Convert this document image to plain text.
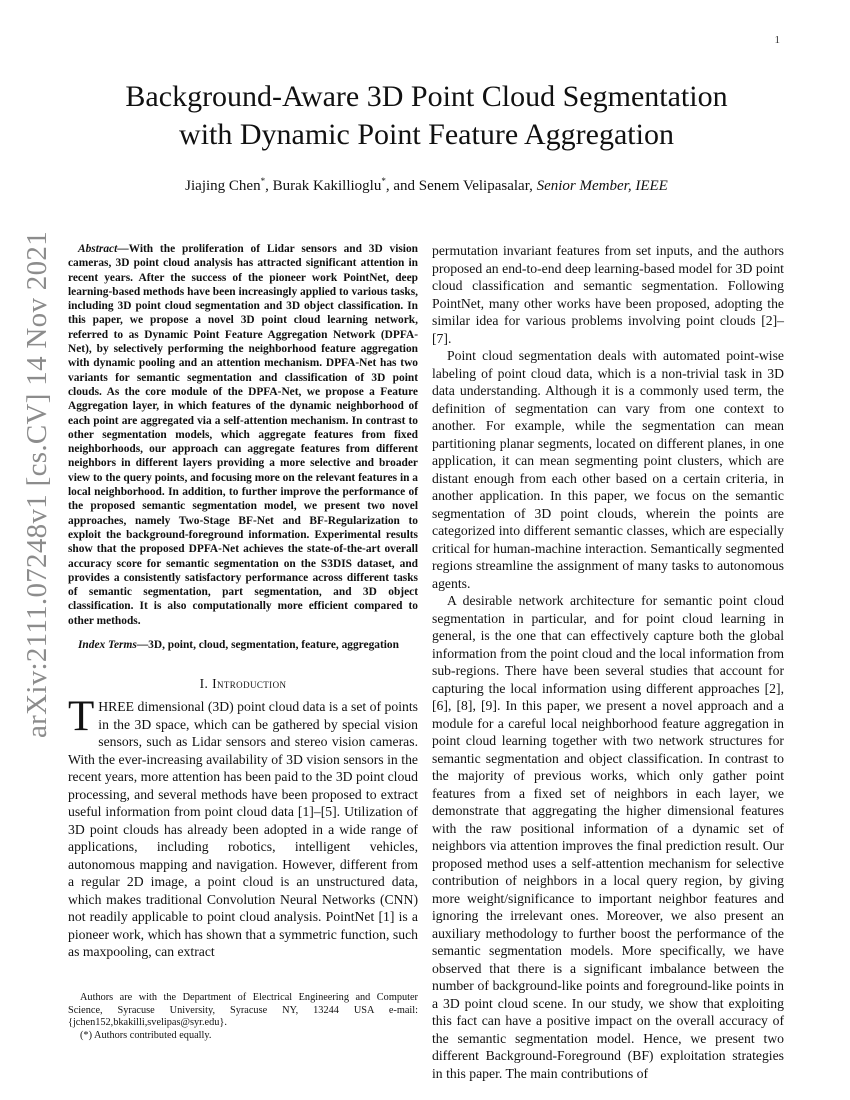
1
arXiv:2111.07248v1 [cs.CV] 14 Nov 2021
Background-Aware 3D Point Cloud Segmentation
with Dynamic Point Feature Aggregation
Jiajing Chen*, Burak Kakillioglu*, and Senem Velipasalar, Senior Member, IEEE

Abstract—With the proliferation of Lidar sensors and 3D vision cameras, 3D point cloud analysis has attracted significant attention in recent years. After the success of the pioneer work PointNet, deep learning-based methods have been increasingly applied to various tasks, including 3D point cloud segmentation and 3D object classification. In this paper, we propose a novel 3D point cloud learning network, referred to as Dynamic Point Feature Aggregation Network (DPFA-Net), by selectively performing the neighborhood feature aggregation with dynamic pooling and an attention mechanism. DPFA-Net has two variants for semantic segmentation and classification of 3D point clouds. As the core module of the DPFA-Net, we propose a Feature Aggregation layer, in which features of the dynamic neighborhood of each point are aggregated via a self-attention mechanism. In contrast to other segmentation models, which aggregate features from fixed neighborhoods, our approach can aggregate features from different neighbors in different layers providing a more selective and broader view to the query points, and focusing more on the relevant features in a local neighborhood. In addition, to further improve the performance of the proposed semantic segmentation model, we present two novel approaches, namely Two-Stage BF-Net and BF-Regularization to exploit the background-foreground information. Experimental results show that the proposed DPFA-Net achieves the state-of-the-art overall accuracy score for semantic segmentation on the S3DIS dataset, and provides a consistently satisfactory performance across different tasks of semantic segmentation, part segmentation, and 3D object classification. It is also computationally more efficient compared to other methods.

Index Terms—3D, point, cloud, segmentation, feature, aggregation

I. Introduction

THREE dimensional (3D) point cloud data is a set of points in the 3D space, which can be gathered by special vision sensors, such as Lidar sensors and stereo vision cameras. With the ever-increasing availability of 3D vision sensors in the recent years, more attention has been paid to the 3D point cloud processing, and several methods have been proposed to extract useful information from point cloud data [1]–[5]. Utilization of 3D point clouds has already been adopted in a wide range of applications, including robotics, intelligent vehicles, autonomous mapping and navigation. However, different from a regular 2D image, a point cloud is an unstructured data, which makes traditional Convolution Neural Networks (CNN) not readily applicable to point cloud analysis. PointNet [1] is a pioneer work, which has shown that a symmetric function, such as maxpooling, can extract

Authors are with the Department of Electrical Engineering and Computer Science, Syracuse University, Syracuse NY, 13244 USA e-mail: {jchen152,bkakilli,svelipas@syr.edu}.

(*) Authors contributed equally.

permutation invariant features from set inputs, and the authors proposed an end-to-end deep learning-based model for 3D point cloud classification and semantic segmentation. Following PointNet, many other works have been proposed, adopting the similar idea for various problems involving point clouds [2]–[7].

Point cloud segmentation deals with automated point-wise labeling of point cloud data, which is a non-trivial task in 3D data understanding. Although it is a commonly used term, the definition of segmentation can vary from one context to another. For example, while the segmentation can mean partitioning planar segments, located on different planes, in one application, it can mean segmenting point clusters, which are distant enough from each other based on a certain criteria, in another application. In this paper, we focus on the semantic segmentation of 3D point clouds, wherein the points are categorized into different semantic classes, which are especially critical for human-machine interaction. Semantically segmented regions streamline the assignment of many tasks to autonomous agents.

A desirable network architecture for semantic point cloud segmentation in particular, and for point cloud learning in general, is the one that can effectively capture both the global information from the point cloud and the local information from sub-regions. There have been several studies that account for capturing the local information using different approaches [2], [6], [8], [9]. In this paper, we present a novel approach and a module for a careful local neighborhood feature aggregation in point cloud learning together with two network structures for semantic segmentation and object classification. In contrast to the majority of previous works, which only gather point features from a fixed set of neighbors in each layer, we demonstrate that aggregating the higher dimensional features with the raw positional information of a dynamic set of neighbors via attention improves the final prediction result. Our proposed method uses a self-attention mechanism for selective contribution of neighbors in a local query region, by giving more weight/significance to important neighbor features and ignoring the irrelevant ones. Moreover, we also present an auxiliary methodology to further boost the performance of the semantic segmentation models. More specifically, we have observed that there is a significant imbalance between the number of background-like points and foreground-like points in a 3D point cloud scene. In our study, we show that exploiting this fact can have a positive impact on the overall accuracy of the semantic segmentation model. Hence, we present two different Background-Foreground (BF) exploitation strategies in this paper. The main contributions of
